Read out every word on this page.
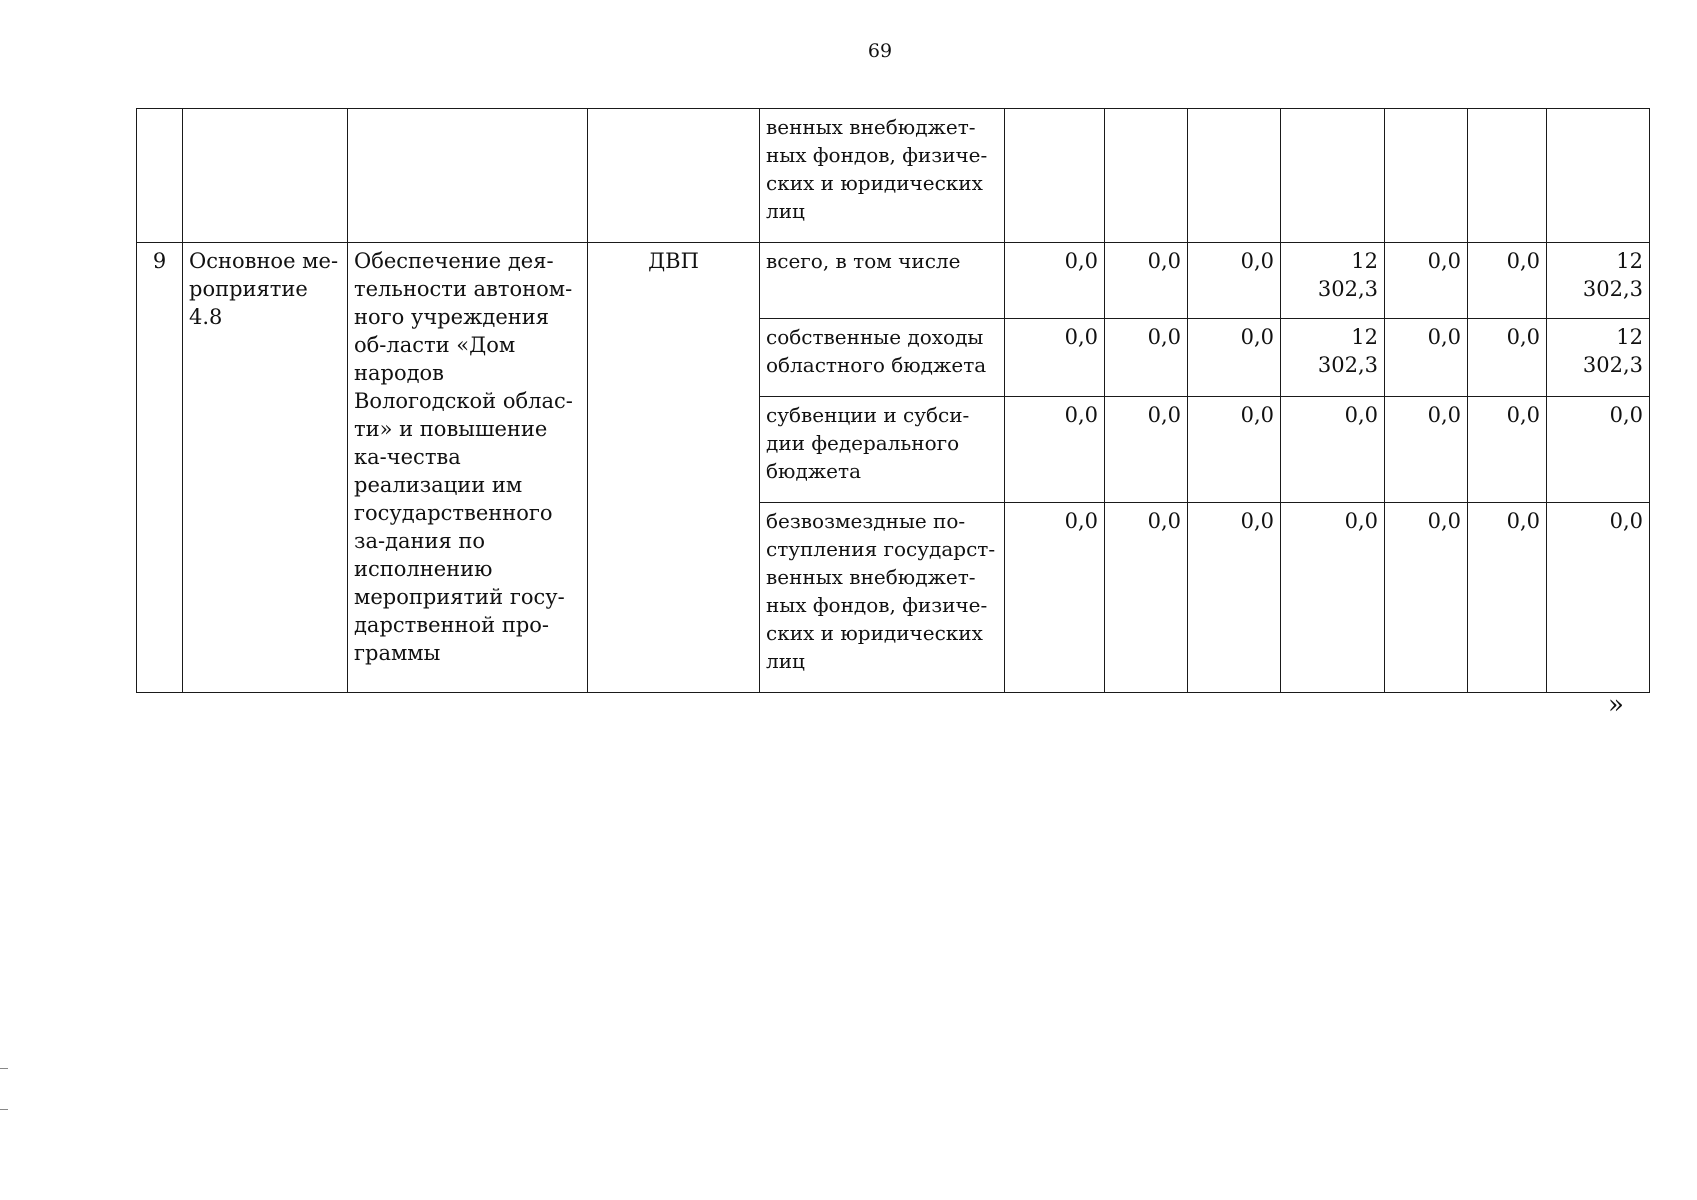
69
				венных внебюджет-ных фондов, физиче-ских и юридических лиц							
9	Основное ме-роприятие 4.8	Обеспечение дея-тельности автоном-ного учреждения об-ласти «Дом народов Вологодской облас-ти» и повышение ка-чества реализации им государственного за-дания по исполнению мероприятий госу-дарственной про-граммы	ДВП	всего, в том числе	0,0	0,0	0,0	12 302,3	0,0	0,0	12 302,3
				собственные доходы областного бюджета	0,0	0,0	0,0	12 302,3	0,0	0,0	12 302,3
				субвенции и субси-дии федерального бюджета	0,0	0,0	0,0	0,0	0,0	0,0	0,0
				безвозмездные по-ступления государст-венных внебюджет-ных фондов, физиче-ских и юридических лиц	0,0	0,0	0,0	0,0	0,0	0,0	0,0
»
